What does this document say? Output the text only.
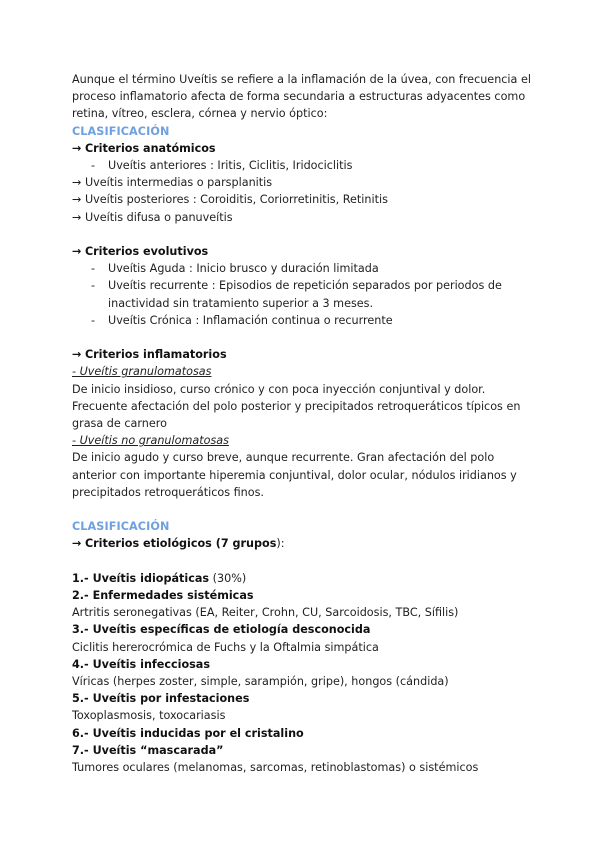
Aunque el término Uveítis se refiere a la inflamación de la úvea, con frecuencia el proceso inflamatorio afecta de forma secundaria a estructuras adyacentes como retina, vítreo, esclera, córnea y nervio óptico:

CLASIFICACIÓN
→ Criterios anatómicos
- Uveítis anteriores : Iritis, Ciclitis, Iridociclitis
→ Uveítis intermedias o parsplanitis
→ Uveítis posteriores : Coroiditis, Coriorretinitis, Retinitis
→ Uveítis difusa o panuveítis
→ Criterios evolutivos
- Uveítis Aguda : Inicio brusco y duración limitada
- Uveítis recurrente : Episodios de repetición separados por periodos de inactividad sin tratamiento superior a 3 meses.
- Uveítis Crónica : Inflamación continua o recurrente
→ Criterios inflamatorios
- Uveítis granulomatosas

De inicio insidioso, curso crónico y con poca inyección conjuntival y dolor. Frecuente afectación del polo posterior y precipitados retroqueráticos típicos en grasa de carnero

- Uveítis no granulomatosas

De inicio agudo y curso breve, aunque recurrente. Gran afectación del polo anterior con importante hiperemia conjuntival, dolor ocular, nódulos iridianos y precipitados retroqueráticos finos.

CLASIFICACIÓN
→ Criterios etiológicos (7 grupos):
1.- Uveítis idiopáticas (30%)
2.- Enfermedades sistémicas
Artritis seronegativas (EA, Reiter, Crohn, CU, Sarcoidosis, TBC, Sífilis)
3.- Uveítis específicas de etiología desconocida
Ciclitis hererocrómica de Fuchs y la Oftalmia simpática
4.- Uveítis infecciosas
Víricas (herpes zoster, simple, sarampión, gripe), hongos (cándida)
5.- Uveítis por infestaciones
Toxoplasmosis, toxocariasis
6.- Uveítis inducidas por el cristalino
7.- Uveítis “mascarada”
Tumores oculares (melanomas, sarcomas, retinoblastomas) o sistémicos
